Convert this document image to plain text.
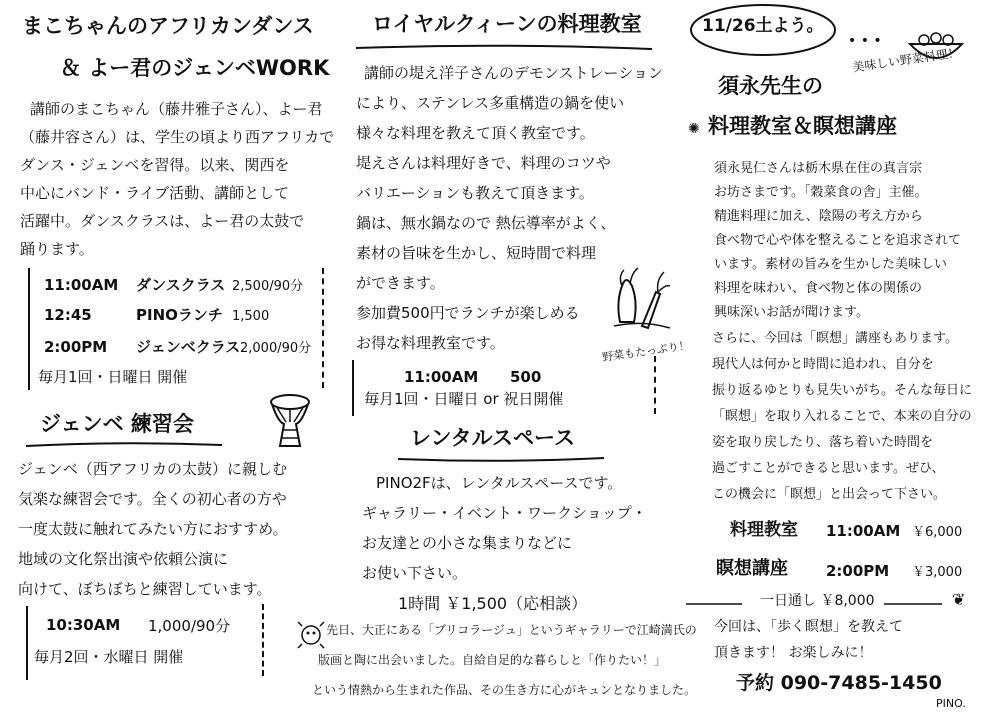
まこちゃんのアフリカンダンス
＆ よー君のジェンベWORK
講師のまこちゃん（藤井雅子さん）、よー君
（藤井容さん）は、学生の頃より西アフリカで
ダンス・ジェンベを習得。以来、関西を
中心にバンド・ライブ活動、講師として
活躍中。ダンスクラスは、よー君の太鼓で
踊ります。
11:00AM ダンスクラス 2,500/90分
12:45	PINOランチ 1,500
2:00PM ジェンベクラス 2,000/90分
毎月1回・日曜日 開催
ジェンベ 練習会
ジェンベ（西アフリカの太鼓）に親しむ
気楽な練習会です。全くの初心者の方や
一度太鼓に触れてみたい方におすすめ。
地域の文化祭出演や依頼公演に
向けて、ぼちぼちと練習しています。
10:30AM 1,000/90分
毎月2回・水曜日 開催
ロイヤルクィーンの料理教室
講師の堤え洋子さんのデモンストレーション
により、ステンレス多重構造の鍋を使い
様々な料理を教えて頂く教室です。
堤えさんは料理好きで、料理のコツや
バリエーションも教えて頂きます。
鍋は、無水鍋なので 熱伝導率がよく、
素材の旨味を生かし、短時間で料理
ができます。
参加費500円でランチが楽しめる
お得な料理教室です。	野菜もたっぷり！
11:00AM 500
毎月1回・日曜日 or 祝日開催
レンタルスペース
PINO2Fは、レンタルスペースです。
ギャラリー・イベント・ワークショップ・
お友達との小さな集まりなどに
お使い下さい。
1時間 ￥1,500（応相談）
先日、大正にある「ブリコラージュ」というギャラリーで江崎満氏の
版画と陶に出会いました。自給自足的な暮らしと「作りたい！」
という情熱から生まれた作品、その生き方に心がキュンとなりました。
11/26土よう。
• • •
美味しい野菜料理！
須永先生の
✺ 料理教室＆瞑想講座
須永晃仁さんは栃木県在住の真言宗
お坊さまです。「穀菜食の舎」主催。
精進料理に加え、陰陽の考え方から
食べ物で心や体を整えることを追求されて
います。素材の旨みを生かした美味しい
料理を味わい、食べ物と体の関係の
興味深いお話が聞けます。
さらに、今回は「瞑想」講座もあります。
現代人は何かと時間に追われ、自分を
振り返るゆとりも見失いがち。そんな毎日に
「瞑想」を取り入れることで、本来の自分の
姿を取り戻したり、落ち着いた時間を
過ごすことができると思います。ぜひ、
この機会に「瞑想」と出会って下さい。
料理教室 11:00AM ￥6,000
瞑想講座	2:00PM ￥3,000
一日通し ￥8,000	❦
今回は、「歩く瞑想」を教えて
頂きます！ お楽しみに！
予約 090-7485-1450
PINO.
